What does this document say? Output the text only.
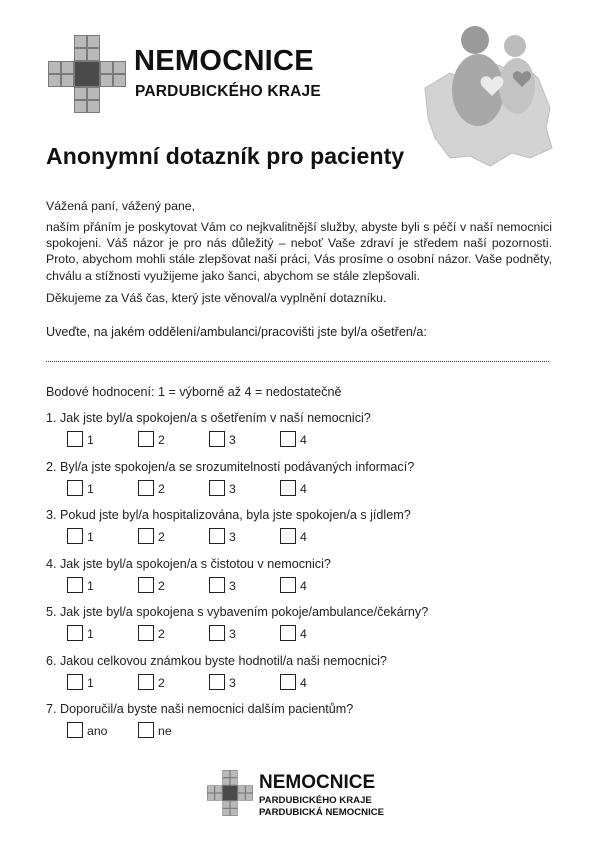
NEMOCNICE
PARDUBICKÉHO KRAJE
Anonymní dotazník pro pacienty
Vážená paní, vážený pane,
naším přáním je poskytovat Vám co nejkvalitnější služby, abyste byli s péčí v naší nemocnici spokojeni. Váš názor je pro nás důležitý – neboť Vaše zdraví je středem naší pozornosti. Proto, abychom mohli stále zlepšovat naši práci, Vás prosíme o osobní názor. Vaše podněty, chválu a stížnosti využijeme jako šanci, abychom se stále zlepšovali.
Děkujeme za Váš čas, který jste věnoval/a vyplnění dotazníku.
Uveďte, na jakém oddělení/ambulanci/pracovišti jste byl/a ošetřen/a:
Bodové hodnocení: 1 = výborně až 4 = nedostatečně
1. Jak jste byl/a spokojen/a s ošetřením v naší nemocnici?
1	2	3	4
2. Byl/a jste spokojen/a se srozumitelností podávaných informací?
1	2	3	4
3. Pokud jste byl/a hospitalizována, byla jste spokojen/a s jídlem?
1	2	3	4
4. Jak jste byl/a spokojen/a s čistotou v nemocnici?
1	2	3	4
5. Jak jste byl/a spokojena s vybavením pokoje/ambulance/čekárny?
1	2	3	4
6. Jakou celkovou známkou byste hodnotil/a naši nemocnici?
1	2	3	4
7. Doporučil/a byste naši nemocnici dalším pacientům?
ano	ne
NEMOCNICE
PARDUBICKÉHO KRAJE
PARDUBICKÁ NEMOCNICE
